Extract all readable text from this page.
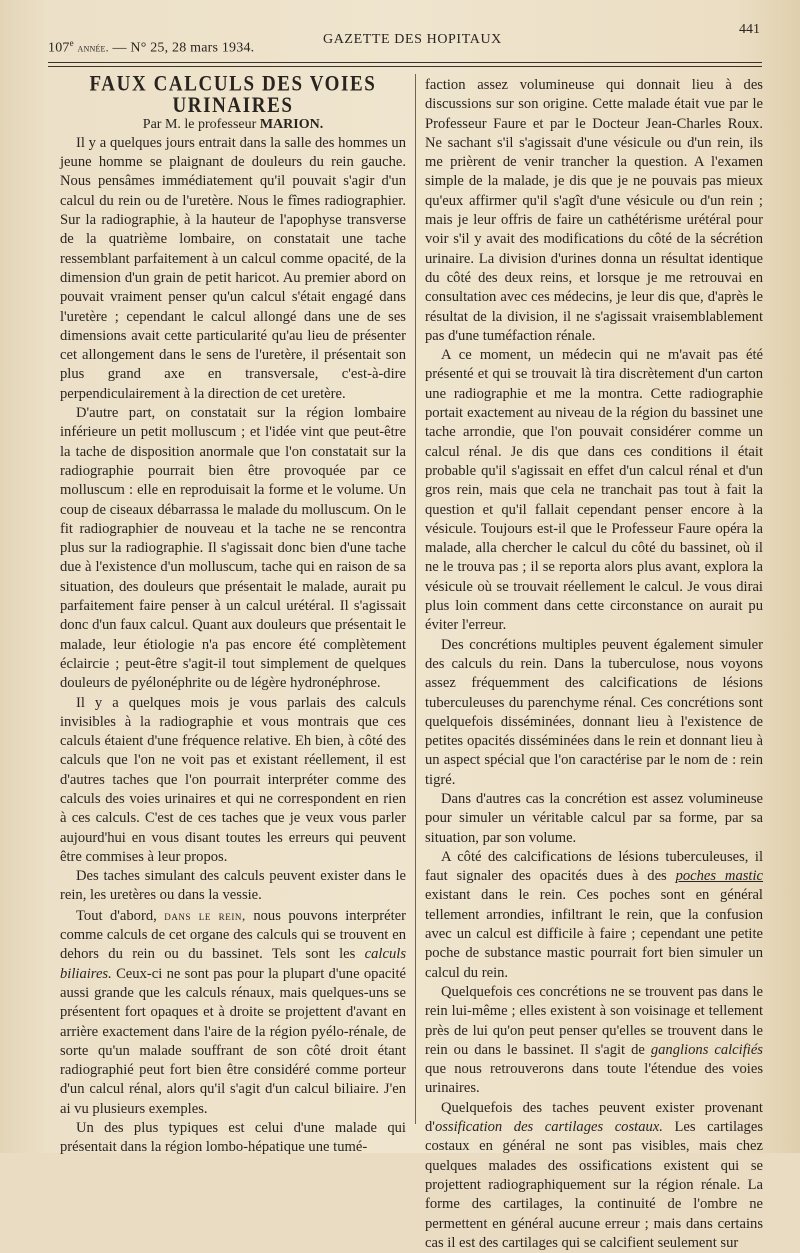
107e année. — N° 25, 28 mars 1934.
GAZETTE DES HOPITAUX
441

FAUX CALCULS DES VOIES URINAIRES

Par M. le professeur MARION.

Il y a quelques jours entrait dans la salle des hommes un jeune homme se plaignant de douleurs du rein gauche. Nous pensâmes immédiatement qu'il pouvait s'agir d'un calcul du rein ou de l'uretère. Nous le fîmes radiographier. Sur la radiographie, à la hauteur de l'apophyse transverse de la quatrième lombaire, on constatait une tache ressemblant parfaitement à un calcul comme opacité, de la dimension d'un grain de petit haricot. Au premier abord on pouvait vraiment penser qu'un calcul s'était engagé dans l'uretère ; cependant le calcul allongé dans une de ses dimensions avait cette particularité qu'au lieu de présenter cet allongement dans le sens de l'uretère, il présentait son plus grand axe en transversale, c'est-à-dire perpendiculairement à la direction de cet uretère.

D'autre part, on constatait sur la région lombaire inférieure un petit molluscum ; et l'idée vint que peut-être la tache de disposition anormale que l'on constatait sur la radiographie pourrait bien être provoquée par ce molluscum : elle en reproduisait la forme et le volume. Un coup de ciseaux débarrassa le malade du molluscum. On le fit radiographier de nouveau et la tache ne se rencontra plus sur la radiographie. Il s'agissait donc bien d'une tache due à l'existence d'un molluscum, tache qui en raison de sa situation, des douleurs que présentait le malade, aurait pu parfaitement faire penser à un calcul urétéral. Il s'agissait donc d'un faux calcul. Quant aux douleurs que présentait le malade, leur étiologie n'a pas encore été complètement éclaircie ; peut-être s'agit-il tout simplement de quelques douleurs de pyélonéphrite ou de légère hydronéphrose.

Il y a quelques mois je vous parlais des calculs invisibles à la radiographie et vous montrais que ces calculs étaient d'une fréquence relative. Eh bien, à côté des calculs que l'on ne voit pas et existant réellement, il est d'autres taches que l'on pourrait interpréter comme des calculs des voies urinaires et qui ne correspondent en rien à ces calculs. C'est de ces taches que je veux vous parler aujourd'hui en vous disant toutes les erreurs qui peuvent être commises à leur propos.

Des taches simulant des calculs peuvent exister dans le rein, les uretères ou dans la vessie.

Tout d'abord, dans le rein, nous pouvons interpréter comme calculs de cet organe des calculs qui se trouvent en dehors du rein ou du bassinet. Tels sont les calculs biliaires. Ceux-ci ne sont pas pour la plupart d'une opacité aussi grande que les calculs rénaux, mais quelques-uns se présentent fort opaques et à droite se projettent d'avant en arrière exactement dans l'aire de la région pyélo-rénale, de sorte qu'un malade souffrant de son côté droit étant radiographié peut fort bien être considéré comme porteur d'un calcul rénal, alors qu'il s'agit d'un calcul biliaire. J'en ai vu plusieurs exemples.

Un des plus typiques est celui d'une malade qui présentait dans la région lombo-hépatique une tumé-

faction assez volumineuse qui donnait lieu à des discussions sur son origine. Cette malade était vue par le Professeur Faure et par le Docteur Jean-Charles Roux. Ne sachant s'il s'agissait d'une vésicule ou d'un rein, ils me prièrent de venir trancher la question. A l'examen simple de la malade, je dis que je ne pouvais pas mieux qu'eux affirmer qu'il s'agît d'une vésicule ou d'un rein ; mais je leur offris de faire un cathétérisme urétéral pour voir s'il y avait des modifications du côté de la sécrétion urinaire. La division d'urines donna un résultat identique du côté des deux reins, et lorsque je me retrouvai en consultation avec ces médecins, je leur dis que, d'après le résultat de la division, il ne s'agissait vraisemblablement pas d'une tuméfaction rénale.

A ce moment, un médecin qui ne m'avait pas été présenté et qui se trouvait là tira discrètement d'un carton une radiographie et me la montra. Cette radiographie portait exactement au niveau de la région du bassinet une tache arrondie, que l'on pouvait considérer comme un calcul rénal. Je dis que dans ces conditions il était probable qu'il s'agissait en effet d'un calcul rénal et d'un gros rein, mais que cela ne tranchait pas tout à fait la question et qu'il fallait cependant penser encore à la vésicule. Toujours est-il que le Professeur Faure opéra la malade, alla chercher le calcul du côté du bassinet, où il ne le trouva pas ; il se reporta alors plus avant, explora la vésicule où se trouvait réellement le calcul. Je vous dirai plus loin comment dans cette circonstance on aurait pu éviter l'erreur.

Des concrétions multiples peuvent également simuler des calculs du rein. Dans la tuberculose, nous voyons assez fréquemment des calcifications de lésions tuberculeuses du parenchyme rénal. Ces concrétions sont quelquefois disséminées, donnant lieu à l'existence de petites opacités disséminées dans le rein et donnant lieu à un aspect spécial que l'on caractérise par le nom de : rein tigré.

Dans d'autres cas la concrétion est assez volumineuse pour simuler un véritable calcul par sa forme, par sa situation, par son volume.

A côté des calcifications de lésions tuberculeuses, il faut signaler des opacités dues à des poches mastic existant dans le rein. Ces poches sont en général tellement arrondies, infiltrant le rein, que la confusion avec un calcul est difficile à faire ; cependant une petite poche de substance mastic pourrait fort bien simuler un calcul du rein.

Quelquefois ces concrétions ne se trouvent pas dans le rein lui-même ; elles existent à son voisinage et tellement près de lui qu'on peut penser qu'elles se trouvent dans le rein ou dans le bassinet. Il s'agit de ganglions calcifiés que nous retrouverons dans toute l'étendue des voies urinaires.

Quelquefois des taches peuvent exister provenant d'ossification des cartilages costaux. Les cartilages costaux en général ne sont pas visibles, mais chez quelques malades des ossifications existent qui se projettent radiographiquement sur la région rénale. La forme des cartilages, la continuité de l'ombre ne permettent en général aucune erreur ; mais dans certains cas il est des cartilages qui se calcifient seulement sur
